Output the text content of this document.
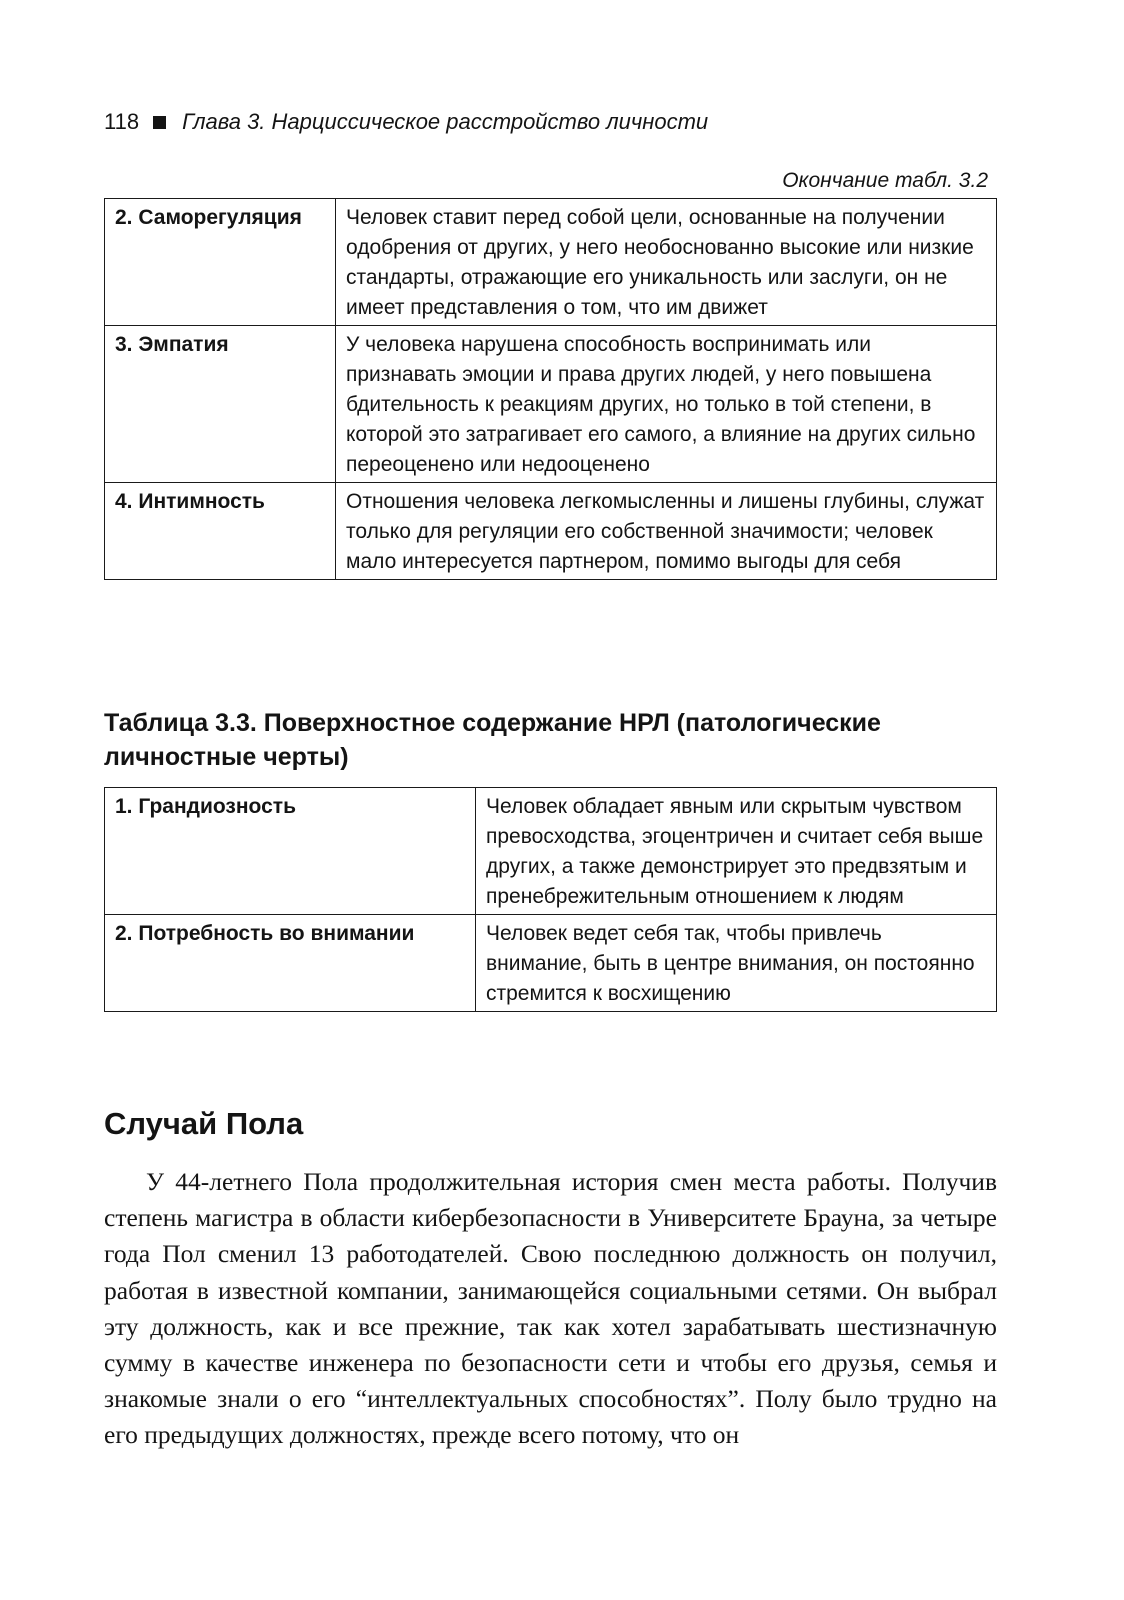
118 Глава 3. Нарциссическое расстройство личности
Окончание табл. 3.2
2. Саморегуляция	Человек ставит перед собой цели, основанные на получении одобрения от других, у него необоснованно высокие или низкие стандарты, отражающие его уникальность или заслуги, он не имеет представления о том, что им движет
3. Эмпатия	У человека нарушена способность воспринимать или признавать эмоции и права других людей, у него повышена бдительность к реакциям других, но только в той степени, в которой это затрагивает его самого, а влияние на других сильно переоценено или недооценено
4. Интимность	Отношения человека легкомысленны и лишены глубины, служат только для регуляции его собственной значимости; человек мало интересуется партнером, помимо выгоды для себя
Таблица 3.3. Поверхностное содержание НРЛ (патологические личностные черты)
1. Грандиозность	Человек обладает явным или скрытым чувством превосходства, эгоцентричен и считает себя выше других, а также демонстрирует это предвзятым и пренебрежительным отношением к людям
2. Потребность во внимании	Человек ведет себя так, чтобы привлечь внимание, быть в центре внимания, он постоянно стремится к восхищению
Случай Пола

У 44-летнего Пола продолжительная история смен места работы. Получив степень магистра в области кибербезопасности в Университете Брауна, за четыре года Пол сменил 13 работодателей. Свою последнюю должность он получил, работая в известной компании, занимающейся социальными сетями. Он выбрал эту должность, как и все прежние, так как хотел зарабатывать шестизначную сумму в качестве инженера по безопасности сети и чтобы его друзья, семья и знакомые знали о его “интеллектуальных способностях”. Полу было трудно на его предыдущих должностях, прежде всего потому, что он
